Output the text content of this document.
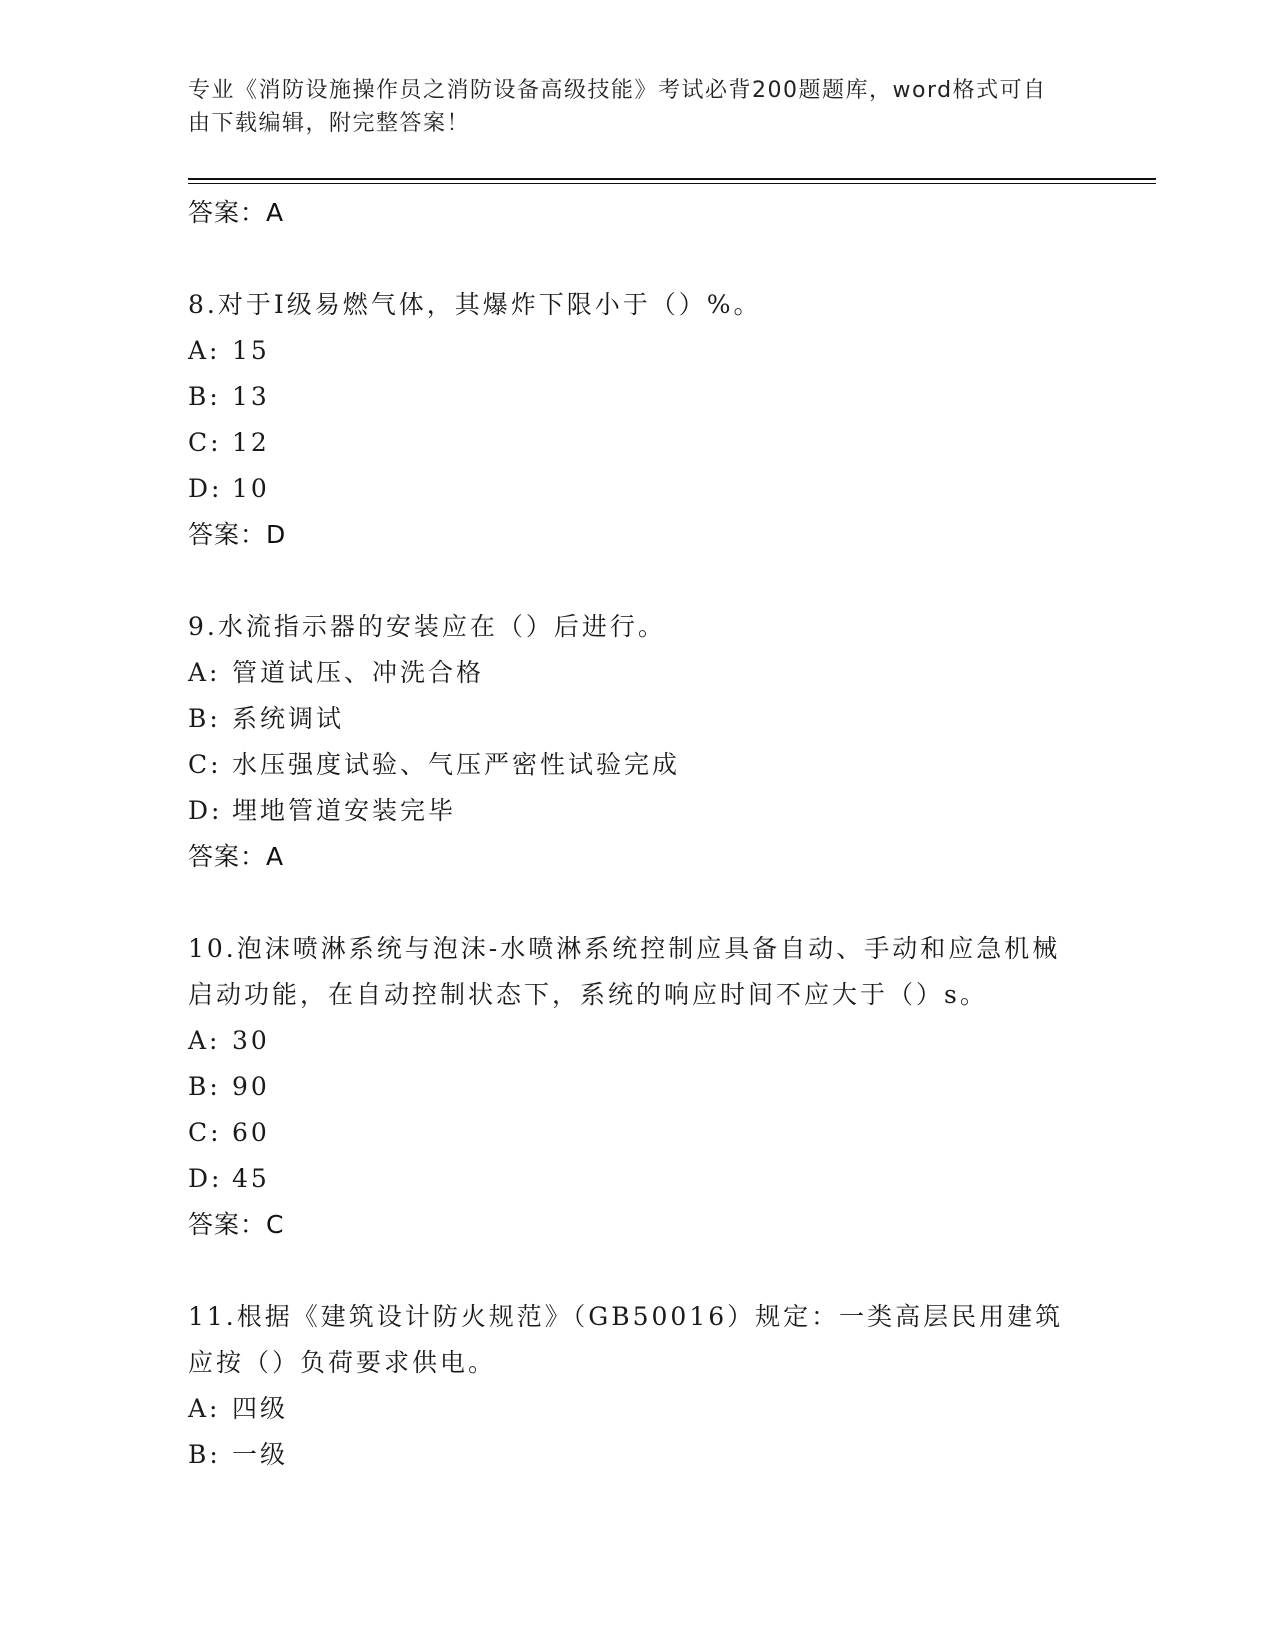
专业《消防设施操作员之消防设备高级技能》考试必背200题题库，word格式可自由下载编辑，附完整答案！
答案：A
8.对于Ⅰ级易燃气体，其爆炸下限小于（）%。
A: 15
B: 13
C: 12
D: 10
答案：D
9.水流指示器的安装应在（）后进行。
A: 管道试压、冲洗合格
B: 系统调试
C: 水压强度试验、气压严密性试验完成
D: 埋地管道安装完毕
答案：A
10.泡沫喷淋系统与泡沫-水喷淋系统控制应具备自动、手动和应急机械启动功能，在自动控制状态下，系统的响应时间不应大于（）s。
A: 30
B: 90
C: 60
D: 45
答案：C
11.根据《建筑设计防火规范》（GB50016）规定：一类高层民用建筑应按（）负荷要求供电。
A: 四级
B: 一级
